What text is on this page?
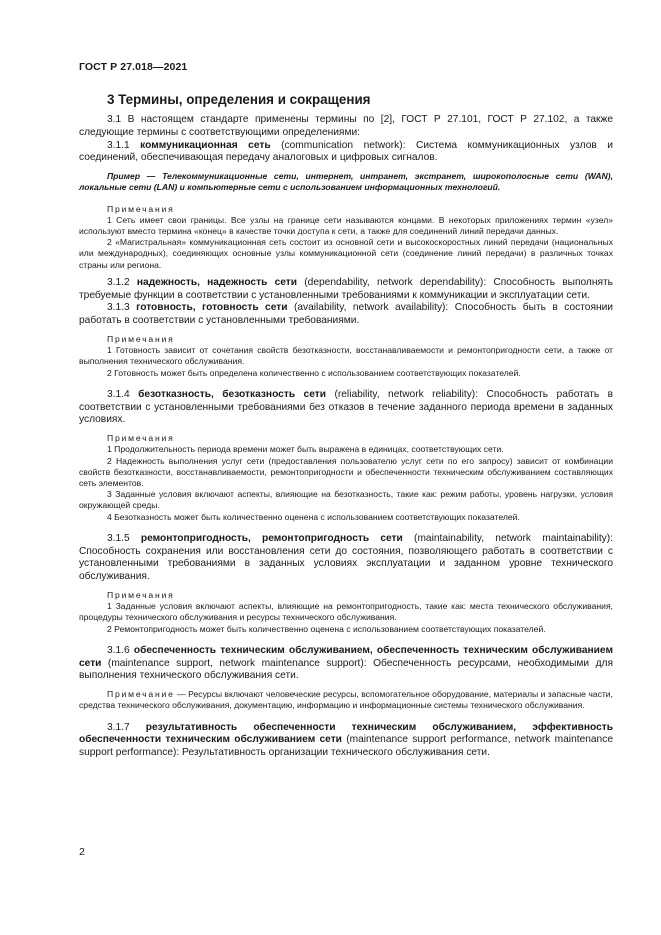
ГОСТ Р 27.018—2021
3 Термины, определения и сокращения

3.1 В настоящем стандарте применены термины по [2], ГОСТ Р 27.101, ГОСТ Р 27.102, а также следующие термины с соответствующими определениями:

3.1.1 коммуникационная сеть (communication network): Система коммуникационных узлов и соединений, обеспечивающая передачу аналоговых и цифровых сигналов.

Пример — Телекоммуникационные сети, интернет, интранет, экстранет, широкополосные сети (WAN), локальные сети (LAN) и компьютерные сети с использованием информационных технологий.

Примечания

1 Сеть имеет свои границы. Все узлы на границе сети называются концами. В некоторых приложениях термин «узел» используют вместо термина «конец» в качестве точки доступа к сети, а также для соединений линий передачи данных.

2 «Магистральная» коммуникационная сеть состоит из основной сети и высокоскоростных линий передачи (национальных или международных), соединяющих основные узлы коммуникационной сети (соединение линий передачи) в различных точках страны или региона.

3.1.2 надежность, надежность сети (dependability, network dependability): Способность выполнять требуемые функции в соответствии с установленными требованиями к коммуникации и эксплуатации сети.

3.1.3 готовность, готовность сети (availability, network availability): Способность быть в состоянии работать в соответствии с установленными требованиями.

Примечания

1 Готовность зависит от сочетания свойств безотказности, восстанавливаемости и ремонтопригодности сети, а также от выполнения технического обслуживания.

2 Готовность может быть определена количественно с использованием соответствующих показателей.

3.1.4 безотказность, безотказность сети (reliability, network reliability): Способность работать в соответствии с установленными требованиями без отказов в течение заданного периода времени в заданных условиях.

Примечания

1 Продолжительность периода времени может быть выражена в единицах, соответствующих сети.

2 Надежность выполнения услуг сети (предоставления пользователю услуг сети по его запросу) зависит от комбинации свойств безотказности, восстанавливаемости, ремонтопригодности и обеспеченности техническим обслуживанием составляющих сеть элементов.

3 Заданные условия включают аспекты, влияющие на безотказность, такие как: режим работы, уровень нагрузки, условия окружающей среды.

4 Безотказность может быть количественно оценена с использованием соответствующих показателей.

3.1.5 ремонтопригодность, ремонтопригодность сети (maintainability, network maintainability): Способность сохранения или восстановления сети до состояния, позволяющего работать в соответствии с установленными требованиями в заданных условиях эксплуатации и заданном уровне технического обслуживания.

Примечания

1 Заданные условия включают аспекты, влияющие на ремонтопригодность, такие как: места технического обслуживания, процедуры технического обслуживания и ресурсы технического обслуживания.

2 Ремонтопригодность может быть количественно оценена с использованием соответствующих показателей.

3.1.6 обеспеченность техническим обслуживанием, обеспеченность техническим обслуживанием сети (maintenance support, network maintenance support): Обеспеченность ресурсами, необходимыми для выполнения технического обслуживания сети.

Примечание — Ресурсы включают человеческие ресурсы, вспомогательное оборудование, материалы и запасные части, средства технического обслуживания, документацию, информацию и информационные системы технического обслуживания.

3.1.7 результативность обеспеченности техническим обслуживанием, эффективность обеспеченности техническим обслуживанием сети (maintenance support performance, network maintenance support performance): Результативность организации технического обслуживания сети.

2
